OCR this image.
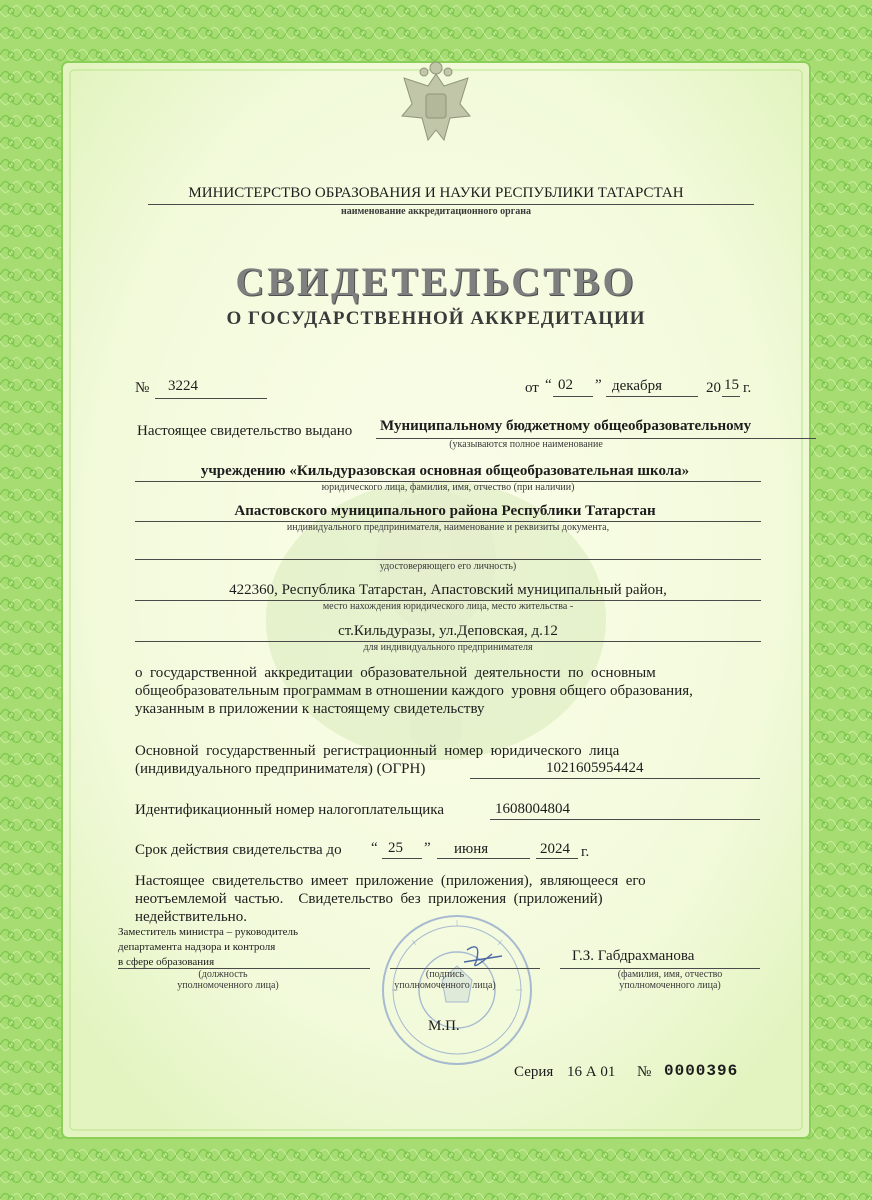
МИНИСТЕРСТВО ОБРАЗОВАНИЯ И НАУКИ РЕСПУБЛИКИ ТАТАРСТАН
наименование аккредитационного органа
СВИДЕТЕЛЬСТВО
О ГОСУДАРСТВЕННОЙ АККРЕДИТАЦИИ
№ 3224	от “ 02 ” декабря	20 15 г.
Настоящее свидетельство выдано Муниципальному бюджетному общеобразовательному
(указываются полное наименование
учреждению «Кильдуразовская основная общеобразовательная школа»
юридического лица, фамилия, имя, отчество (при наличии)
Апастовского муниципального района Республики Татарстан
индивидуального предпринимателя, наименование и реквизиты документа,
удостоверяющего его личность)
422360, Республика Татарстан, Апастовский муниципальный район,
место нахождения юридического лица, место жительства -
ст.Кильдуразы, ул.Деповская, д.12
для индивидуального предпринимателя
о  государственной  аккредитации  образовательной  деятельности  по  основным
общеобразовательным программам в отношении каждого  уровня общего образования,
указанным в приложении к настоящему свидетельству
Основной  государственный  регистрационный  номер  юридического  лица
(индивидуального предпринимателя) (ОГРН)	1021605954424
Идентификационный номер налогоплательщика	1608004804
Срок действия свидетельства до “ 25 ” июня	2024 г.
Настоящее  свидетельство  имеет  приложение  (приложения),  являющееся  его
неотъемлемой  частью.    Свидетельство  без  приложения  (приложений)
недействительно.
Заместитель министра – руководитель
департамента надзора и контроля
в сфере образования
(должность
уполномоченного лица)
(подпись
уполномоченного лица)
Г.З. Габдрахманова
(фамилия, имя, отчество
уполномоченного лица)
М.П.
Серия 16 А 01 № 0000396
